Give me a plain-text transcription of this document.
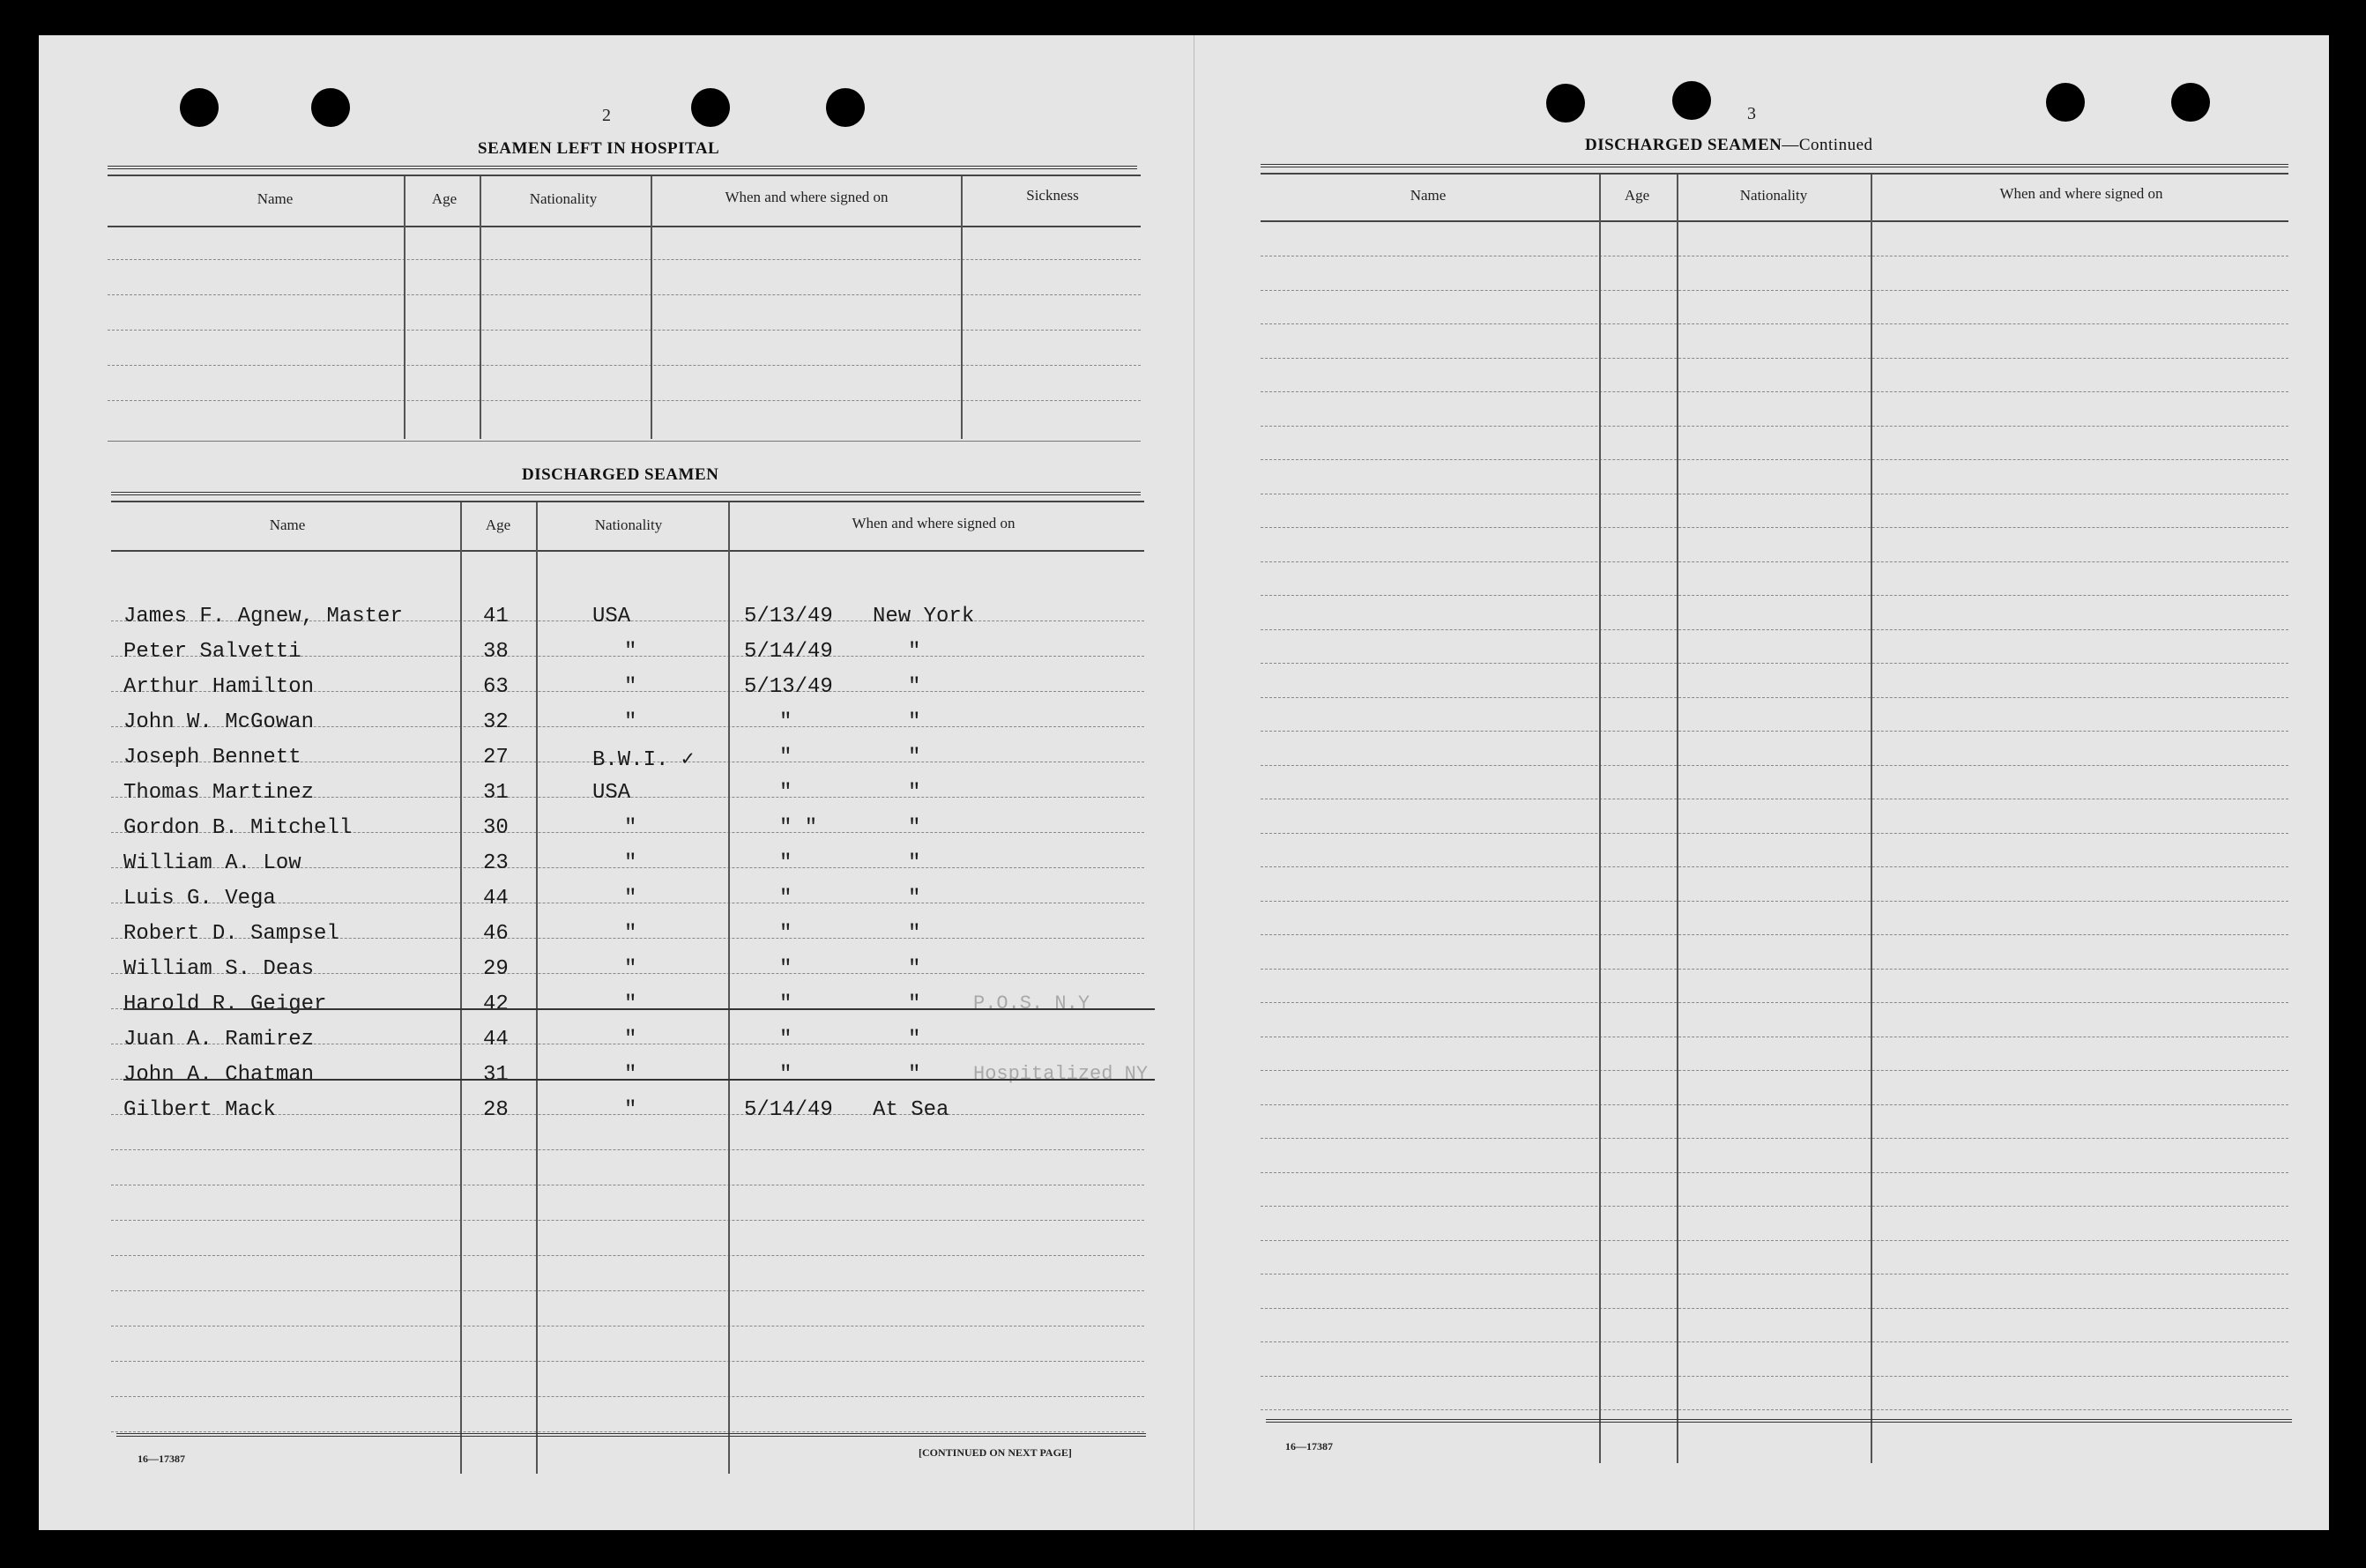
2
SEAMEN LEFT IN HOSPITAL
Name	Age	Nationality	When and where signed on	Sickness
DISCHARGED SEAMEN
Name	Age	Nationality	When and where signed on
James F. Agnew, Master	41	USA	5/13/49 New York
Peter Salvetti	38	"	5/14/49	"
Arthur Hamilton	63	"	5/13/49	"
John W. McGowan	32	"	"	"
Joseph Bennett	27	B.W.I. ✓	"	"
Thomas Martinez	31	USA	"	"
Gordon B. Mitchell	30	"	" "	"
William A. Low	23	"	"	"
Luis G. Vega	44	"	"	"
Robert D. Sampsel	46	"	"	"
William S. Deas	29	"	"	"
Harold R. Geiger	42	"	"	"	P.O.S. N.Y
Juan A. Ramirez	44	"	"	"
John A. Chatman	31	"	"	"	Hospitalized NY
Gilbert Mack	28	"	5/14/49 At Sea
16—17387	[CONTINUED ON NEXT PAGE]
3
DISCHARGED SEAMEN—Continued
Name	Age	Nationality	When and where signed on
16—17387
